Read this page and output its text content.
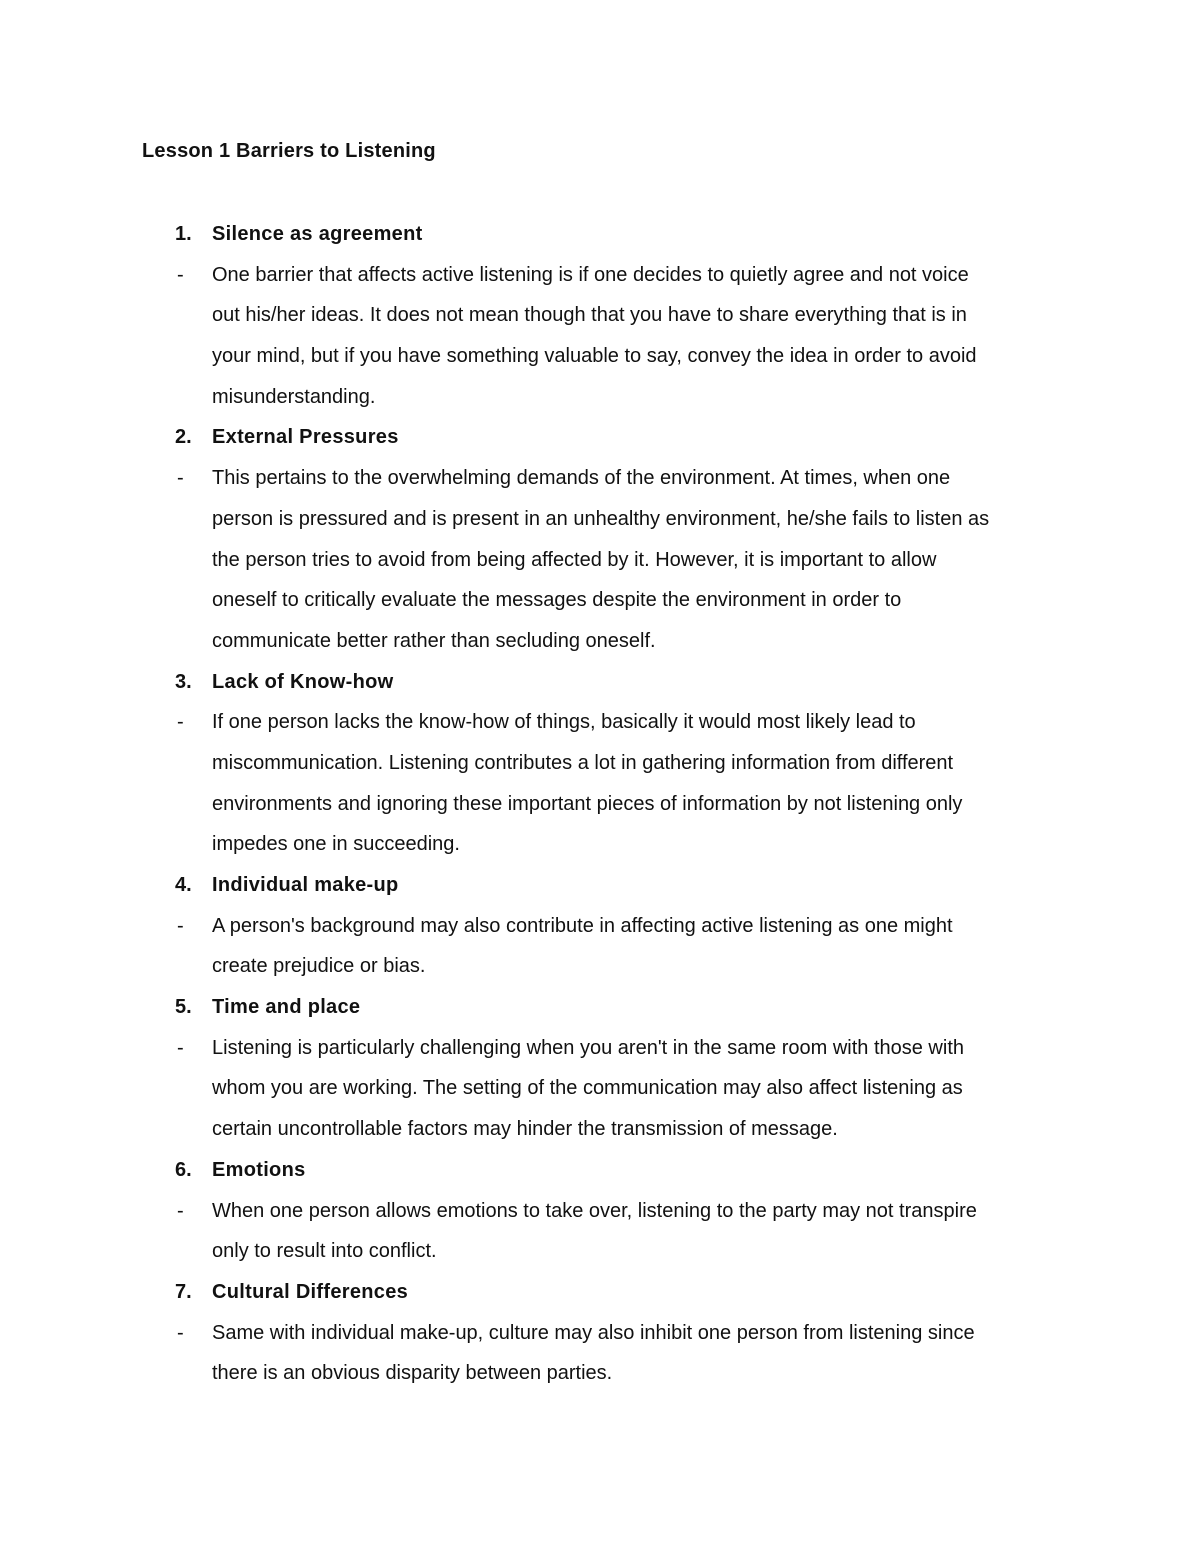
Lesson 1 Barriers to Listening
1. Silence as agreement
- One barrier that affects active listening is if one decides to quietly agree and not voice
out his/her ideas. It does not mean though that you have to share everything that is in
your mind, but if you have something valuable to say, convey the idea in order to avoid
misunderstanding.
2. External Pressures
- This pertains to the overwhelming demands of the environment. At times, when one
person is pressured and is present in an unhealthy environment, he/she fails to listen as
the person tries to avoid from being affected by it. However, it is important to allow
oneself to critically evaluate the messages despite the environment in order to
communicate better rather than secluding oneself.
3. Lack of Know-how
- If one person lacks the know-how of things, basically it would most likely lead to
miscommunication. Listening contributes a lot in gathering information from different
environments and ignoring these important pieces of information by not listening only
impedes one in succeeding.
4. Individual make-up
- A person's background may also contribute in affecting active listening as one might
create prejudice or bias.
5. Time and place
- Listening is particularly challenging when you aren't in the same room with those with
whom you are working. The setting of the communication may also affect listening as
certain uncontrollable factors may hinder the transmission of message.
6. Emotions
- When one person allows emotions to take over, listening to the party may not transpire
only to result into conflict.
7. Cultural Differences
- Same with individual make-up, culture may also inhibit one person from listening since
there is an obvious disparity between parties.
